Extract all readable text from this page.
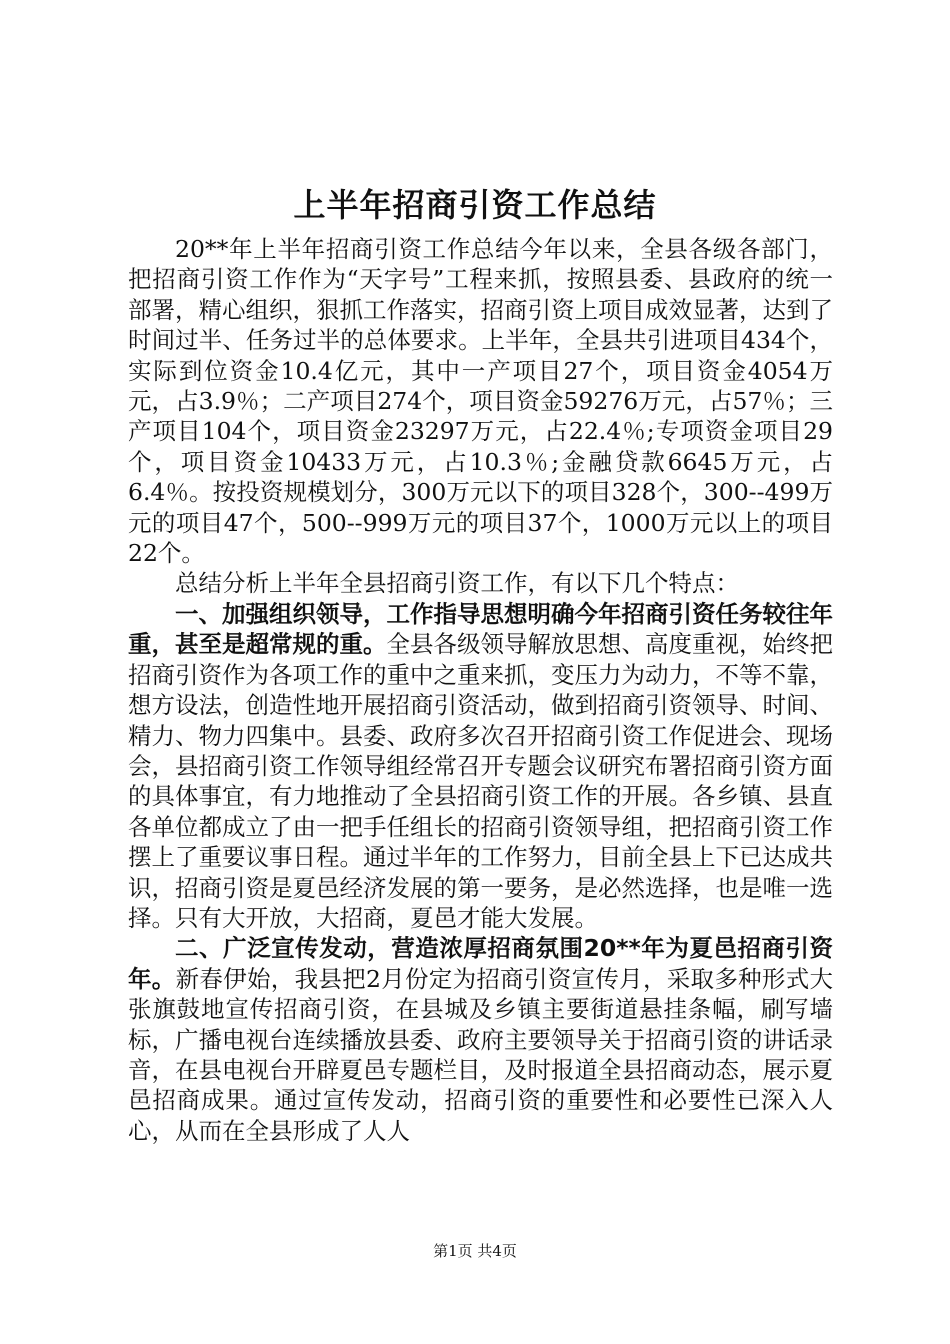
上半年招商引资工作总结

20**年上半年招商引资工作总结今年以来，全县各级各部门，把招商引资工作作为“天字号”工程来抓，按照县委、县政府的统一部署，精心组织，狠抓工作落实，招商引资上项目成效显著，达到了时间过半、任务过半的总体要求。上半年，全县共引进项目434个，实际到位资金10.4亿元，其中一产项目27个，项目资金4054万元，占3.9％；二产项目274个，项目资金59276万元，占57％；三产项目104个，项目资金23297万元，占22.4％;专项资金项目29个，项目资金10433万元，占10.3％;金融贷款6645万元，占6.4％。按投资规模划分，300万元以下的项目328个，300--499万元的项目47个，500--999万元的项目37个，1000万元以上的项目22个。

总结分析上半年全县招商引资工作，有以下几个特点：

一、加强组织领导，工作指导思想明确今年招商引资任务较往年重，甚至是超常规的重。全县各级领导解放思想、高度重视，始终把招商引资作为各项工作的重中之重来抓，变压力为动力，不等不靠，想方设法，创造性地开展招商引资活动，做到招商引资领导、时间、精力、物力四集中。县委、政府多次召开招商引资工作促进会、现场会，县招商引资工作领导组经常召开专题会议研究布署招商引资方面的具体事宜，有力地推动了全县招商引资工作的开展。各乡镇、县直各单位都成立了由一把手任组长的招商引资领导组，把招商引资工作摆上了重要议事日程。通过半年的工作努力，目前全县上下已达成共识，招商引资是夏邑经济发展的第一要务，是必然选择，也是唯一选择。只有大开放，大招商，夏邑才能大发展。

二、广泛宣传发动，营造浓厚招商氛围20**年为夏邑招商引资年。新春伊始，我县把2月份定为招商引资宣传月，采取多种形式大张旗鼓地宣传招商引资，在县城及乡镇主要街道悬挂条幅，刷写墙标，广播电视台连续播放县委、政府主要领导关于招商引资的讲话录音，在县电视台开辟夏邑专题栏目，及时报道全县招商动态，展示夏邑招商成果。通过宣传发动，招商引资的重要性和必要性已深入人心，从而在全县形成了人人

第1页 共4页
